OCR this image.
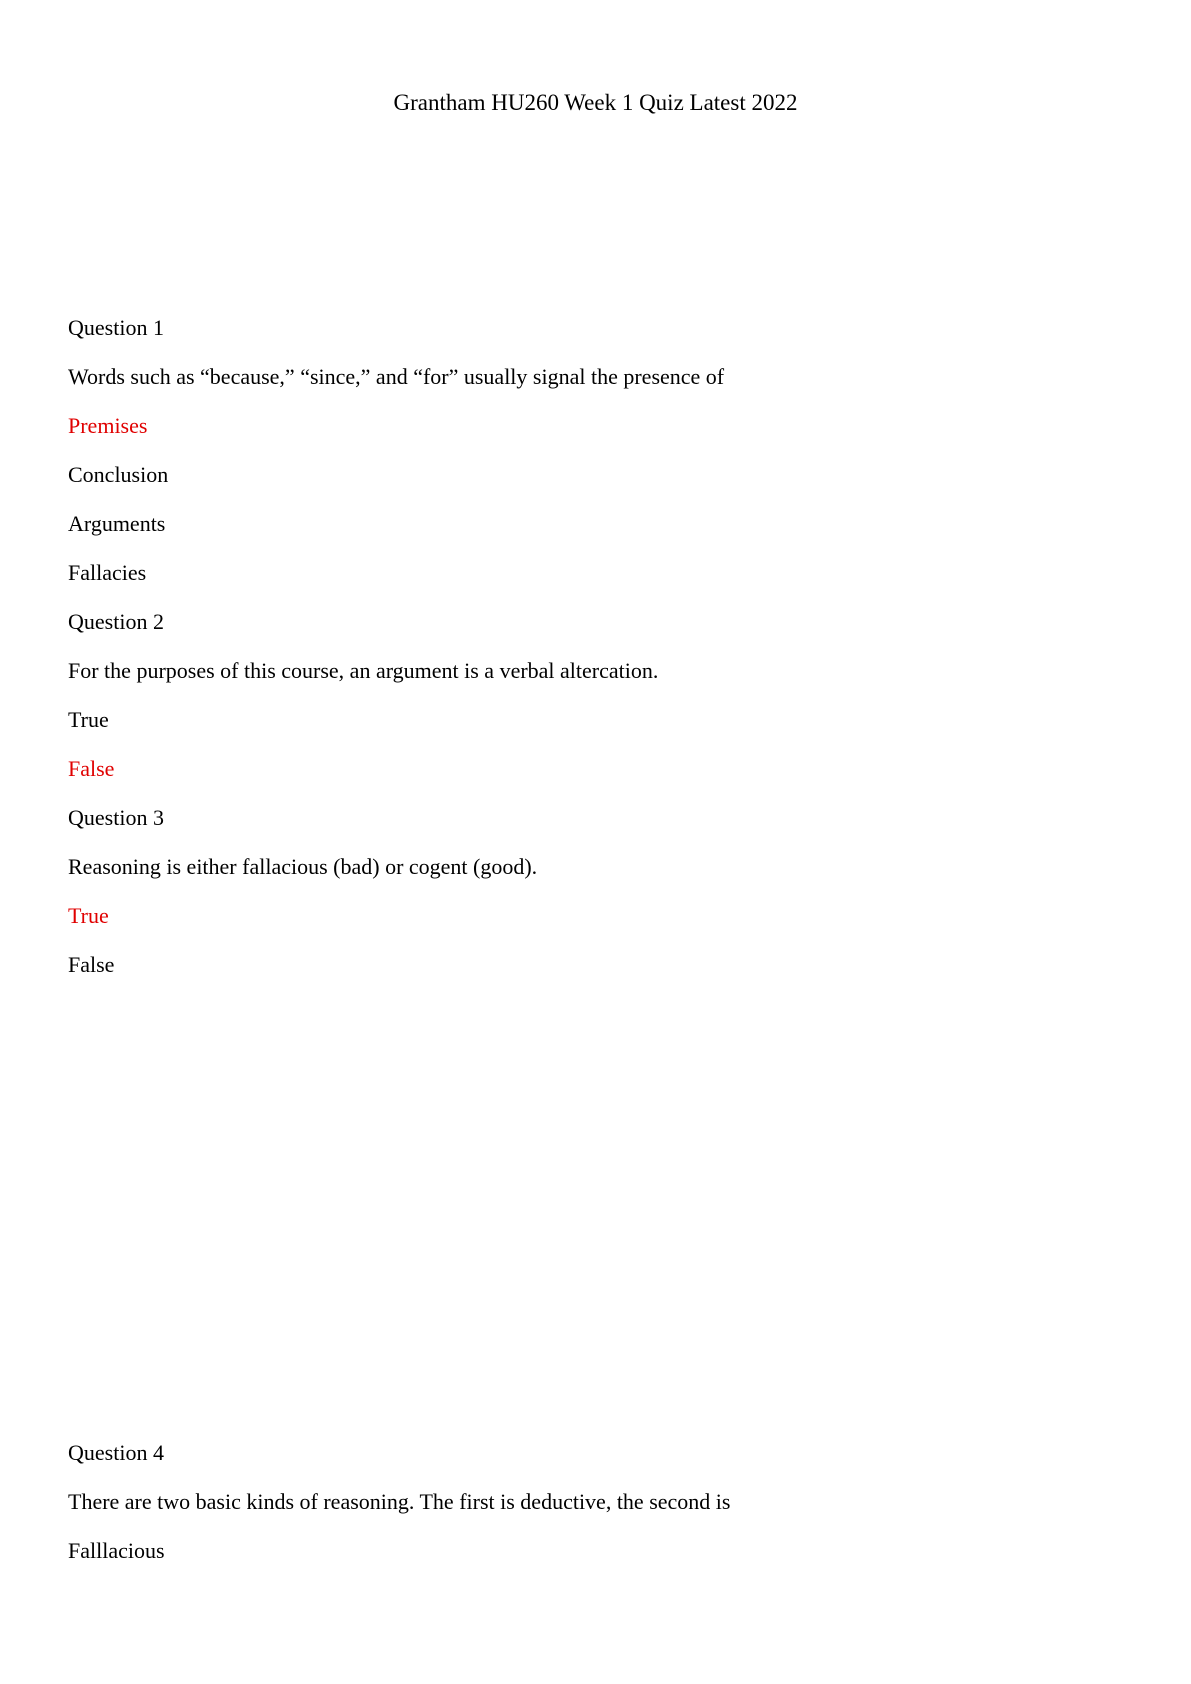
Grantham HU260 Week 1 Quiz Latest 2022
Question 1
Words such as “because,” “since,” and “for” usually signal the presence of
Premises
Conclusion
Arguments
Fallacies
Question 2
For the purposes of this course, an argument is a verbal altercation.
True
False
Question 3
Reasoning is either fallacious (bad) or cogent (good).
True
False
Question 4
There are two basic kinds of reasoning. The first is deductive, the second is
Falllacious
